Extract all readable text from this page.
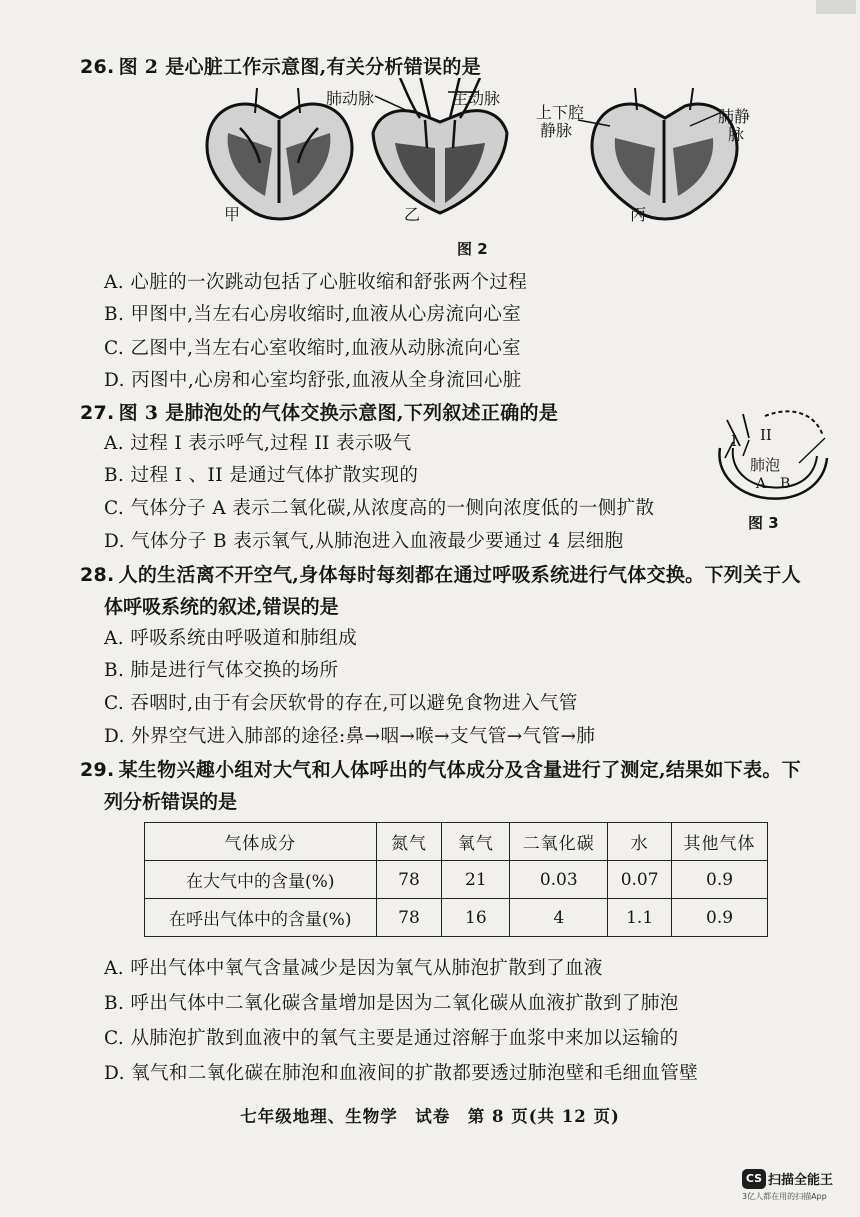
26. 图 2 是心脏工作示意图,有关分析错误的是
肺动脉	主动脉
上下腔
静脉
肺静
脉
甲	乙	丙
图 2
A. 心脏的一次跳动包括了心脏收缩和舒张两个过程
B. 甲图中,当左右心房收缩时,血液从心房流向心室
C. 乙图中,当左右心室收缩时,血液从动脉流向心室
D. 丙图中,心房和心室均舒张,血液从全身流回心脏
27. 图 3 是肺泡处的气体交换示意图,下列叙述正确的是
I II
肺泡
A B
图 3
A. 过程 I 表示呼气,过程 II 表示吸气
B. 过程 I 、II 是通过气体扩散实现的
C. 气体分子 A 表示二氧化碳,从浓度高的一侧向浓度低的一侧扩散
D. 气体分子 B 表示氧气,从肺泡进入血液最少要通过 4 层细胞
28. 人的生活离不开空气,身体每时每刻都在通过呼吸系统进行气体交换。下列关于人
体呼吸系统的叙述,错误的是
A. 呼吸系统由呼吸道和肺组成
B. 肺是进行气体交换的场所
C. 吞咽时,由于有会厌软骨的存在,可以避免食物进入气管
D. 外界空气进入肺部的途径:鼻→咽→喉→支气管→气管→肺
29. 某生物兴趣小组对大气和人体呼出的气体成分及含量进行了测定,结果如下表。下
列分析错误的是
气体成分	氮气	氧气	二氧化碳	水	其他气体
在大气中的含量(%)	78	21	0.03	0.07	0.9
在呼出气体中的含量(%)	78	16	4	1.1	0.9
A. 呼出气体中氧气含量减少是因为氧气从肺泡扩散到了血液
B. 呼出气体中二氧化碳含量增加是因为二氧化碳从血液扩散到了肺泡
C. 从肺泡扩散到血液中的氧气主要是通过溶解于血浆中来加以运输的
D. 氧气和二氧化碳在肺泡和血液间的扩散都要透过肺泡壁和毛细血管壁
七年级地理、生物学　试卷　第 8 页(共 12 页)
CS 扫描全能王
3亿人都在用的扫描App
